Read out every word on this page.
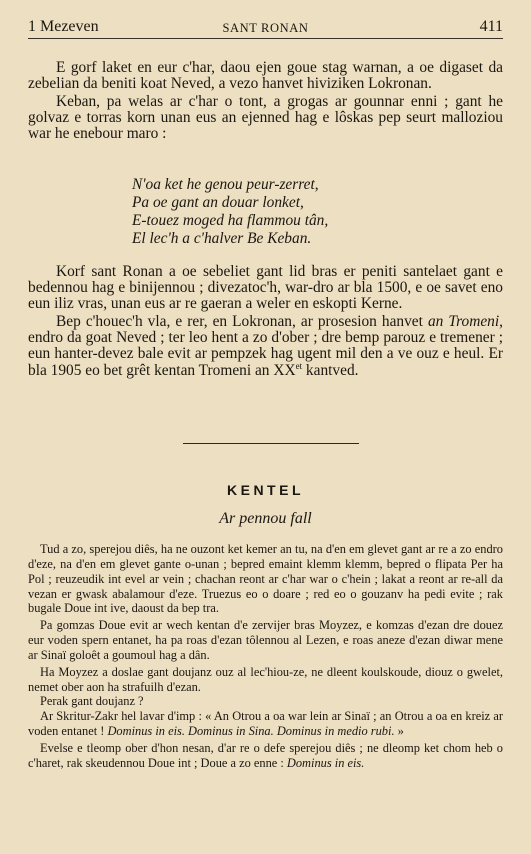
1 Mezeven	SANT RONAN	411

E gorf laket en eur c'har, daou ejen goue stag warnan, a oe digaset da zebelian da beniti koat Neved, a vezo hanvet hiviziken Lokronan.

Keban, pa welas ar c'har o tont, a grogas ar gounnar enni ; gant he golvaz e torras korn unan eus an ejenned hag e lôskas pep seurt malloziou war he enebour maro :

N'oa ket he genou peur-zerret,
Pa oe gant an douar lonket,
E-touez moged ha flammou tân,
El lec'h a c'halver Be Keban.

Korf sant Ronan a oe sebeliet gant lid bras er peniti santelaet gant e bedennou hag e binijennou ; divezatoc'h, war-dro ar bla 1500, e oe savet eno eun iliz vras, unan eus ar re gaeran a weler en eskopti Kerne.

Bep c'houec'h vla, e rer, en Lokronan, ar prosesion hanvet an Tromeni, endro da goat Neved ; ter leo hent a zo d'ober ; dre bemp parouz e tremener ; eun hanter-devez bale evit ar pempzek hag ugent mil den a ve ouz e heul. Er bla 1905 eo bet grêt kentan Tromeni an $XX^{et}$ kantved.

KENTEL
Ar pennou fall

Tud a zo, sperejou diês, ha ne ouzont ket kemer an tu, na d'en em glevet gant ar re a zo endro d'eze, na d'en em glevet gante o-unan ; bepred emaint klemm klemm, bepred o flipata Per ha Pol ; reuzeudik int evel ar vein ; chachan reont ar c'har war o c'hein ; lakat a reont ar re-all da vezan er gwask abalamour d'eze. Truezus eo o doare ; red eo o gouzanv ha pedi evite ; rak bugale Doue int ive, daoust da bep tra.

Pa gomzas Doue evit ar wech kentan d'e zervijer bras Moyzez, e komzas d'ezan dre douez eur voden spern entanet, ha pa roas d'ezan tôlennou al Lezen, e roas aneze d'ezan diwar mene ar Sinaï goloêt a goumoul hag a dân.

Ha Moyzez a doslae gant doujanz ouz al lec'hiou-ze, ne dleent koulskoude, diouz o gwelet, nemet ober aon ha strafuilh d'ezan.

Perak gant doujanz ?

Ar Skritur-Zakr hel lavar d'imp : « An Otrou a oa war lein ar Sinaï ; an Otrou a oa en kreiz ar voden entanet ! Dominus in eis. Dominus in Sina. Dominus in medio rubi. »

Evelse e tleomp ober d'hon nesan, d'ar re o defe sperejou diês ; ne dleomp ket chom heb o c'haret, rak skeudennou Doue int ; Doue a zo enne : Dominus in eis.
